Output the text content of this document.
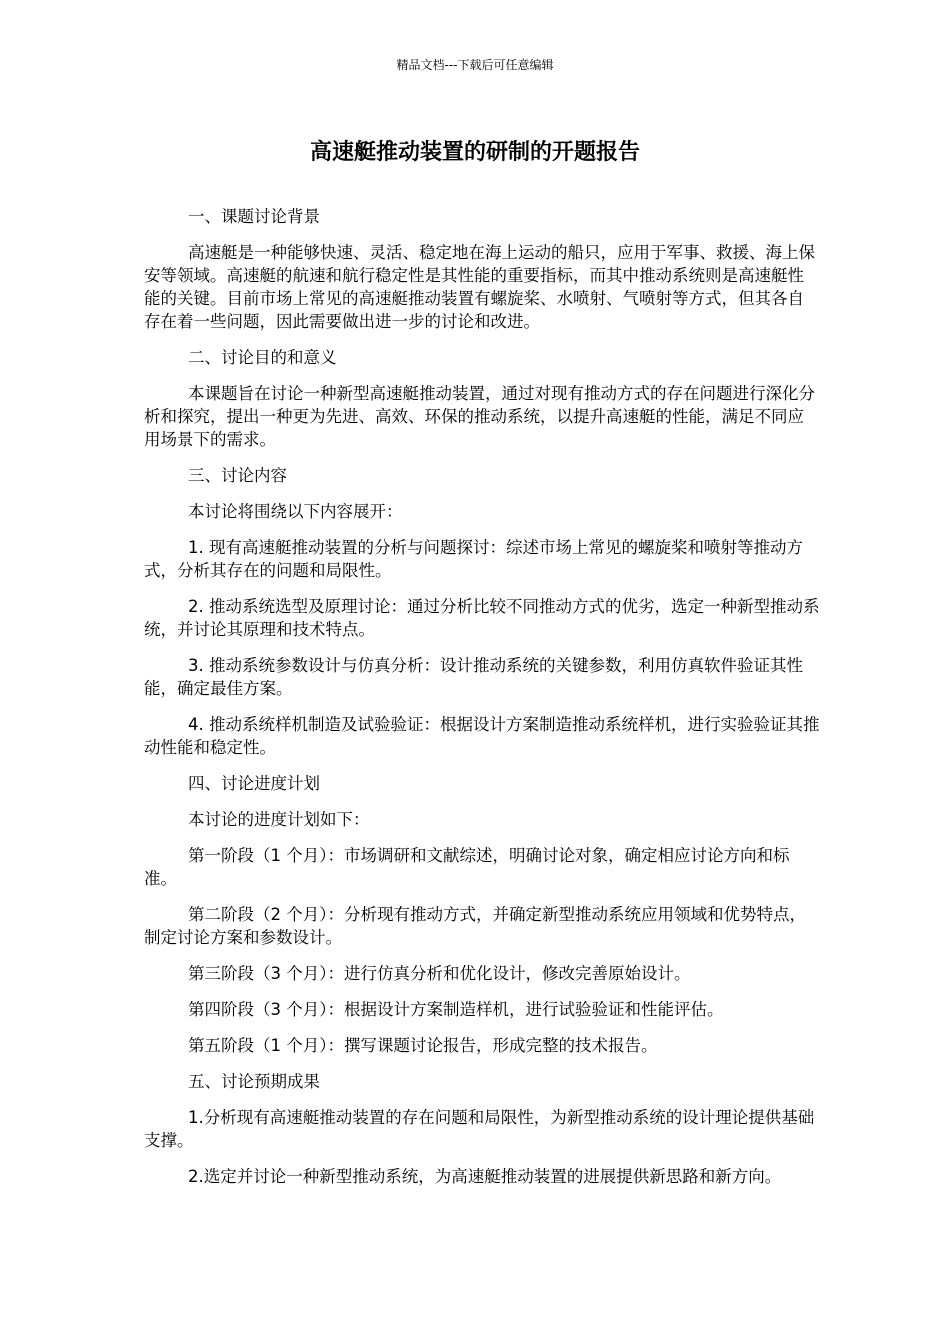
精品文档---下载后可任意编辑
高速艇推动装置的研制的开题报告

一、课题讨论背景

高速艇是一种能够快速、灵活、稳定地在海上运动的船只，应用于军事、救援、海上保安等领域。高速艇的航速和航行稳定性是其性能的重要指标，而其中推动系统则是高速艇性能的关键。目前市场上常见的高速艇推动装置有螺旋桨、水喷射、气喷射等方式，但其各自存在着一些问题，因此需要做出进一步的讨论和改进。

二、讨论目的和意义

本课题旨在讨论一种新型高速艇推动装置，通过对现有推动方式的存在问题进行深化分析和探究，提出一种更为先进、高效、环保的推动系统，以提升高速艇的性能，满足不同应用场景下的需求。

三、讨论内容

本讨论将围绕以下内容展开：

1. 现有高速艇推动装置的分析与问题探讨：综述市场上常见的螺旋桨和喷射等推动方式，分析其存在的问题和局限性。

2. 推动系统选型及原理讨论：通过分析比较不同推动方式的优劣，选定一种新型推动系统，并讨论其原理和技术特点。

3. 推动系统参数设计与仿真分析：设计推动系统的关键参数，利用仿真软件验证其性能，确定最佳方案。

4. 推动系统样机制造及试验验证：根据设计方案制造推动系统样机，进行实验验证其推动性能和稳定性。

四、讨论进度计划

本讨论的进度计划如下：

第一阶段（1 个月）：市场调研和文献综述，明确讨论对象，确定相应讨论方向和标准。

第二阶段（2 个月）：分析现有推动方式，并确定新型推动系统应用领域和优势特点，制定讨论方案和参数设计。

第三阶段（3 个月）：进行仿真分析和优化设计，修改完善原始设计。

第四阶段（3 个月）：根据设计方案制造样机，进行试验验证和性能评估。

第五阶段（1 个月）：撰写课题讨论报告，形成完整的技术报告。

五、讨论预期成果

1.分析现有高速艇推动装置的存在问题和局限性，为新型推动系统的设计理论提供基础支撑。

2.选定并讨论一种新型推动系统，为高速艇推动装置的进展提供新思路和新方向。
